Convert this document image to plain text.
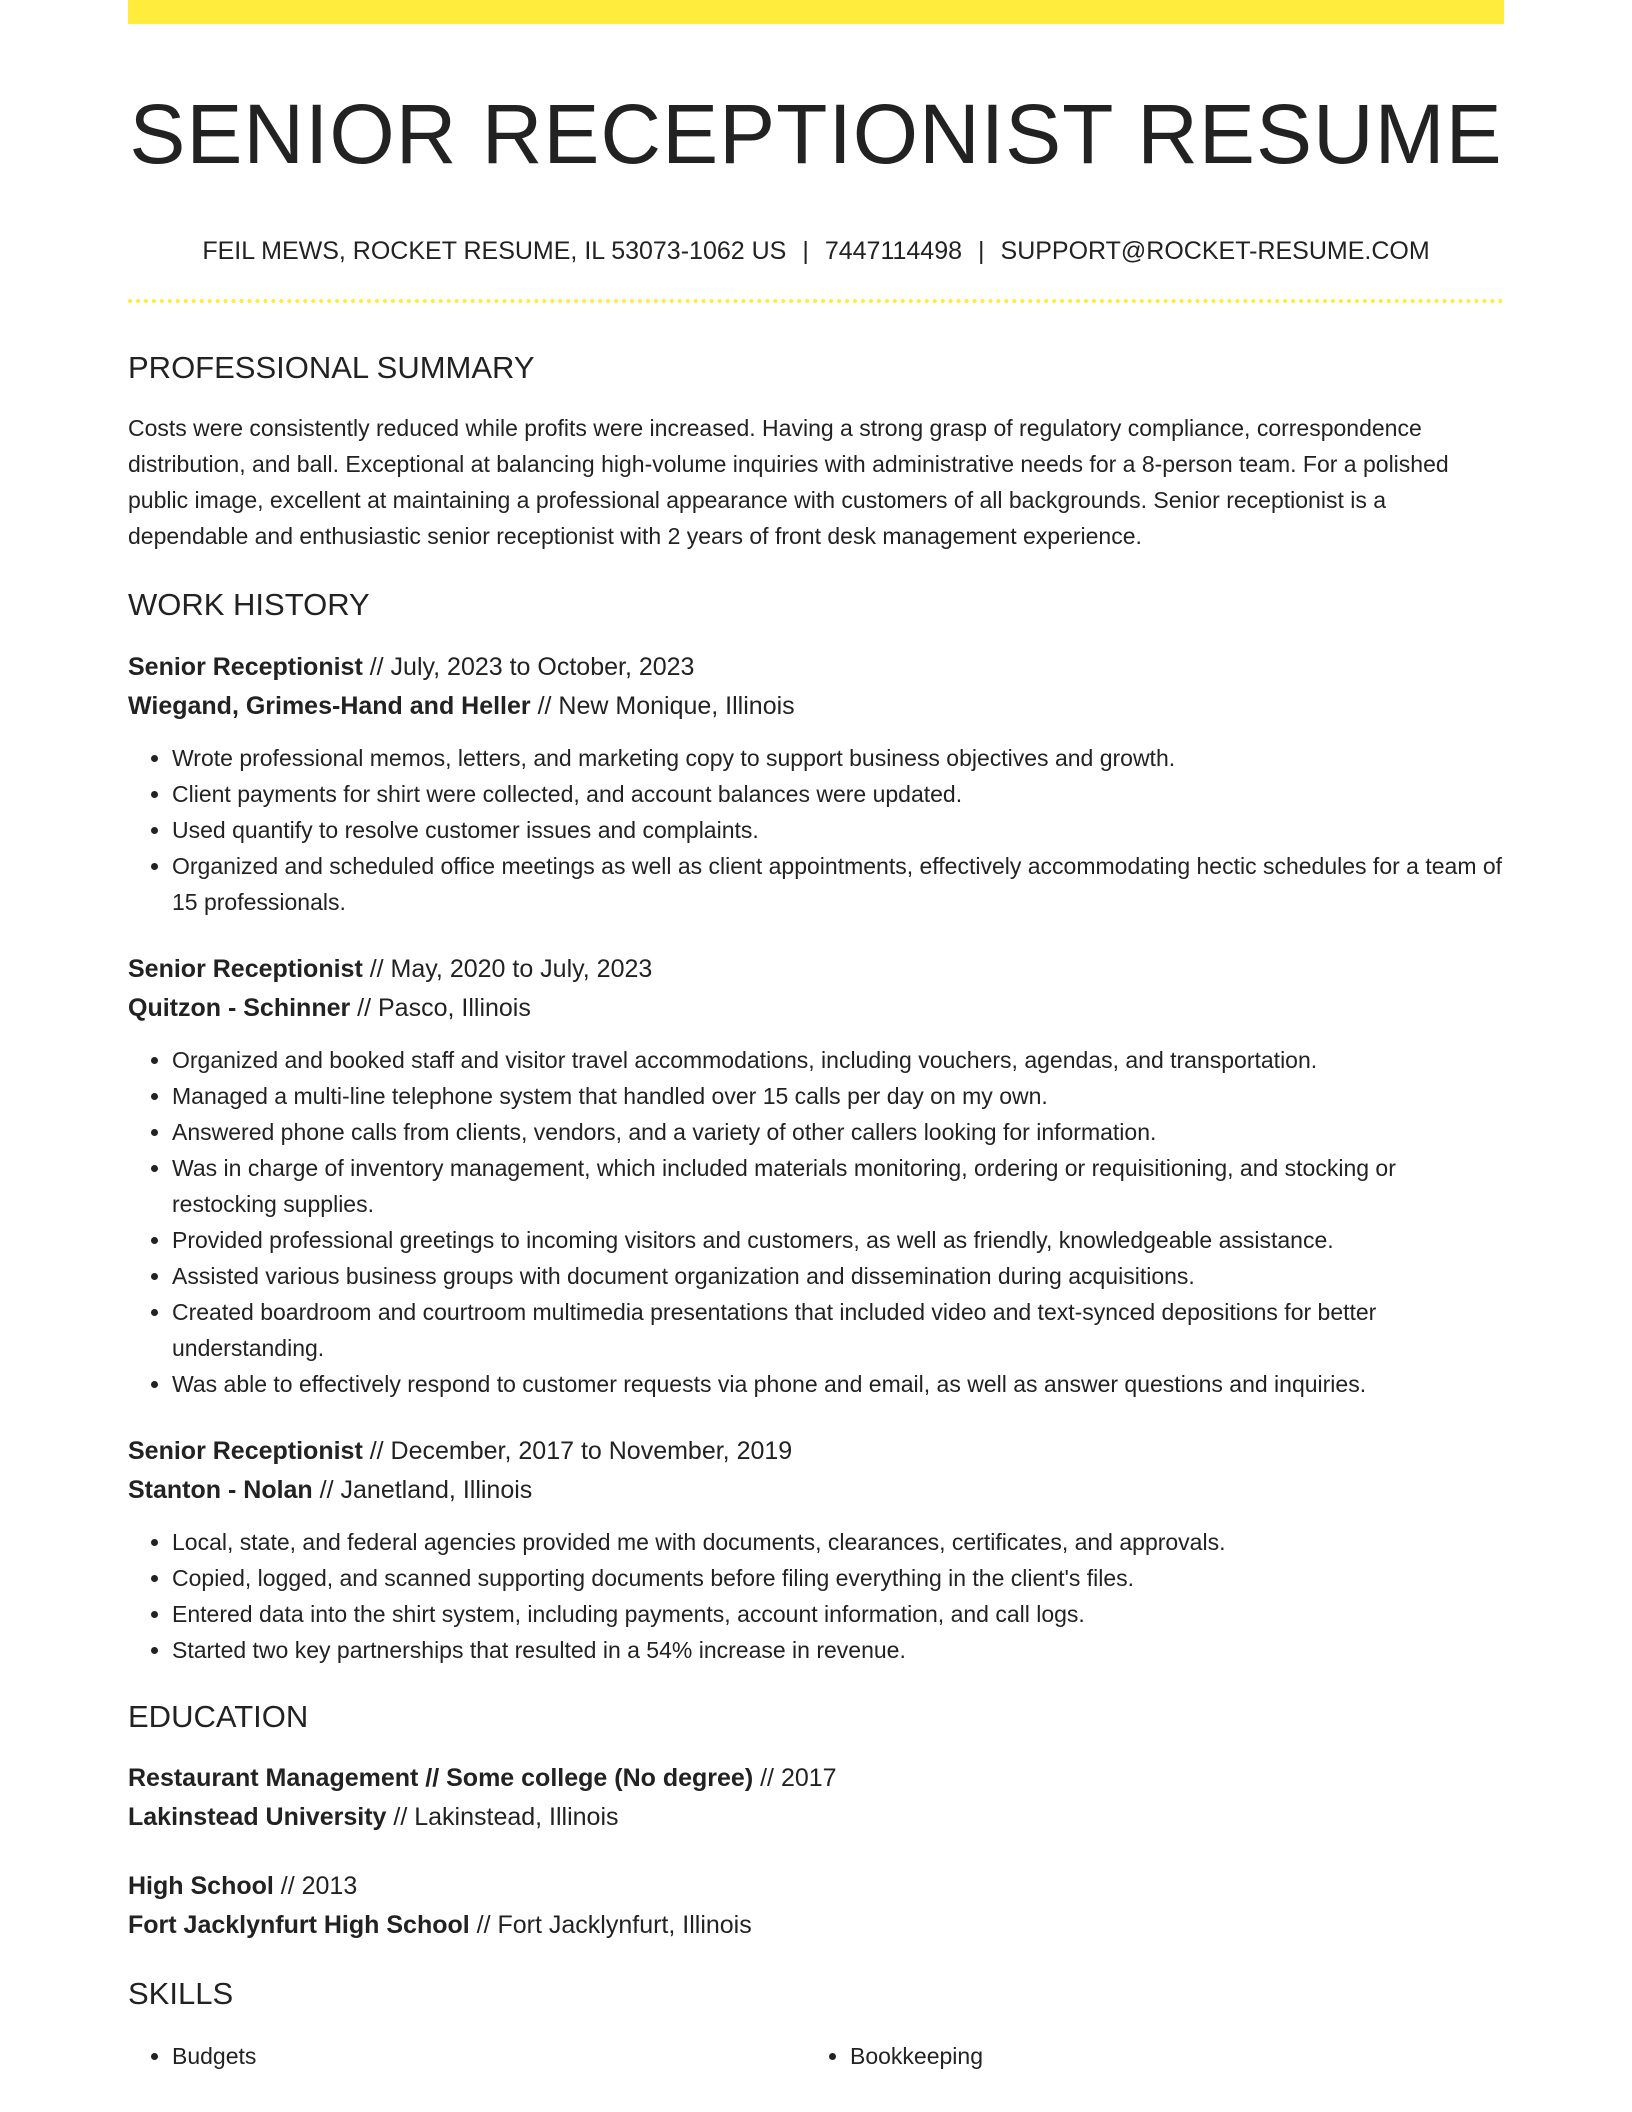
SENIOR RECEPTIONIST RESUME
FEIL MEWS, ROCKET RESUME, IL 53073-1062 US | 7447114498 | SUPPORT@ROCKET-RESUME.COM
PROFESSIONAL SUMMARY

Costs were consistently reduced while profits were increased. Having a strong grasp of regulatory compliance, correspondence distribution, and ball. Exceptional at balancing high-volume inquiries with administrative needs for a 8-person team. For a polished public image, excellent at maintaining a professional appearance with customers of all backgrounds. Senior receptionist is a dependable and enthusiastic senior receptionist with 2 years of front desk management experience.

WORK HISTORY
Senior Receptionist // July, 2023 to October, 2023
Wiegand, Grimes-Hand and Heller // New Monique, Illinois
• Wrote professional memos, letters, and marketing copy to support business objectives and growth.
• Client payments for shirt were collected, and account balances were updated.
• Used quantify to resolve customer issues and complaints.
• Organized and scheduled office meetings as well as client appointments, effectively accommodating hectic schedules for a team of 15 professionals.
Senior Receptionist // May, 2020 to July, 2023
Quitzon - Schinner // Pasco, Illinois
• Organized and booked staff and visitor travel accommodations, including vouchers, agendas, and transportation.
• Managed a multi-line telephone system that handled over 15 calls per day on my own.
• Answered phone calls from clients, vendors, and a variety of other callers looking for information.
• Was in charge of inventory management, which included materials monitoring, ordering or requisitioning, and stocking or restocking supplies.
• Provided professional greetings to incoming visitors and customers, as well as friendly, knowledgeable assistance.
• Assisted various business groups with document organization and dissemination during acquisitions.
• Created boardroom and courtroom multimedia presentations that included video and text-synced depositions for better understanding.
• Was able to effectively respond to customer requests via phone and email, as well as answer questions and inquiries.
Senior Receptionist // December, 2017 to November, 2019
Stanton - Nolan // Janetland, Illinois
• Local, state, and federal agencies provided me with documents, clearances, certificates, and approvals.
• Copied, logged, and scanned supporting documents before filing everything in the client's files.
• Entered data into the shirt system, including payments, account information, and call logs.
• Started two key partnerships that resulted in a 54% increase in revenue.
EDUCATION
Restaurant Management // Some college (No degree) // 2017
Lakinstead University // Lakinstead, Illinois
High School // 2013
Fort Jacklynfurt High School // Fort Jacklynfurt, Illinois
SKILLS
• Budgets
•	Bookkeeping
